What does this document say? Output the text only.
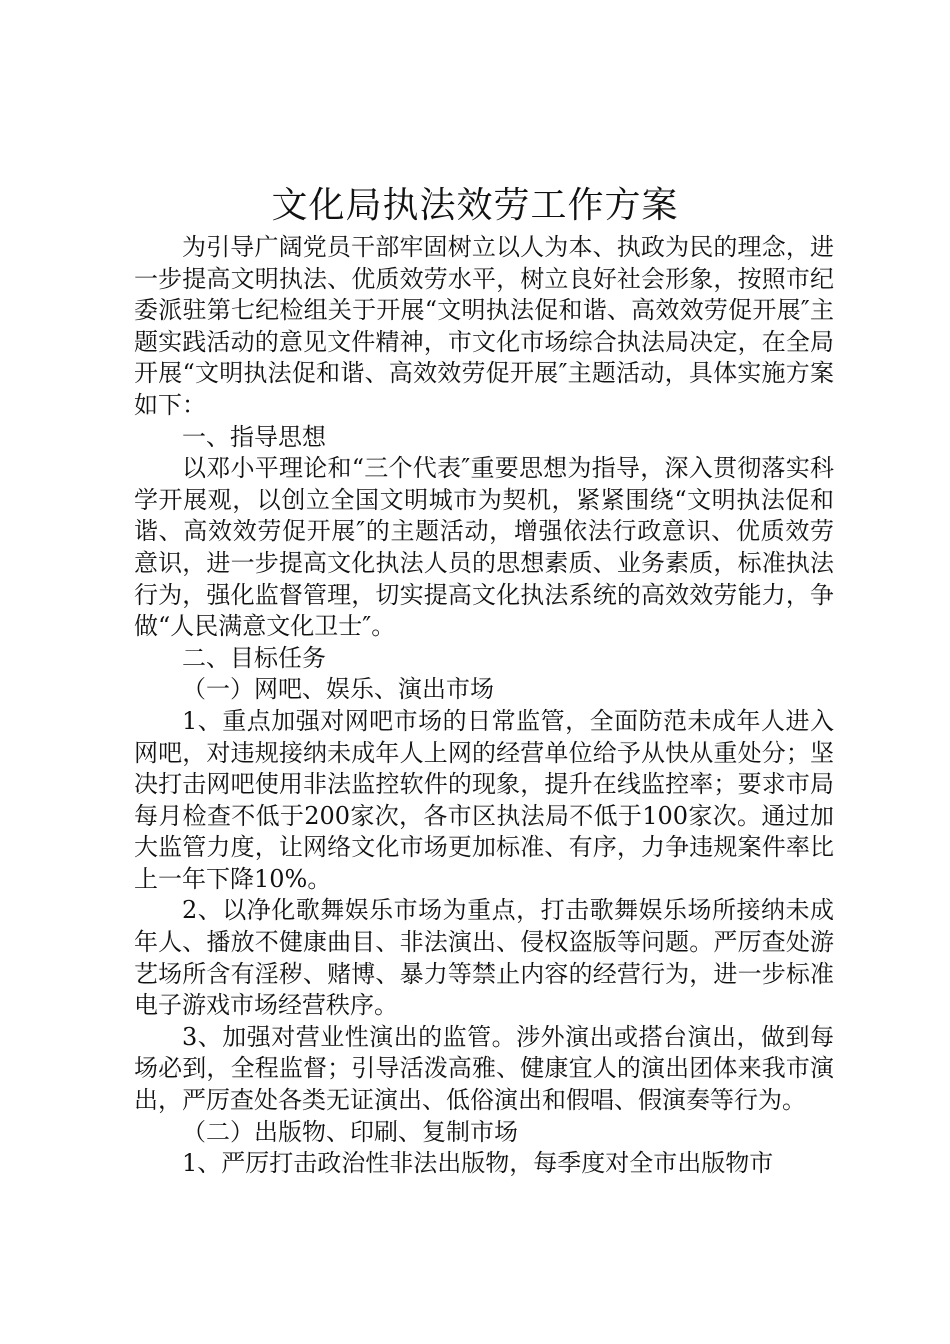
文化局执法效劳工作方案

为引导广阔党员干部牢固树立以人为本、执政为民的理念，进一步提高文明执法、优质效劳水平，树立良好社会形象，按照市纪委派驻第七纪检组关于开展“文明执法促和谐、高效效劳促开展″主题实践活动的意见文件精神，市文化市场综合执法局决定，在全局开展“文明执法促和谐、高效效劳促开展″主题活动，具体实施方案如下：

一、指导思想

以邓小平理论和“三个代表″重要思想为指导，深入贯彻落实科学开展观，以创立全国文明城市为契机，紧紧围绕“文明执法促和谐、高效效劳促开展″的主题活动，增强依法行政意识、优质效劳意识，进一步提高文化执法人员的思想素质、业务素质，标准执法行为，强化监督管理，切实提高文化执法系统的高效效劳能力，争做“人民满意文化卫士″。

二、目标任务

（一）网吧、娱乐、演出市场

1、重点加强对网吧市场的日常监管，全面防范未成年人进入网吧，对违规接纳未成年人上网的经营单位给予从快从重处分；坚决打击网吧使用非法监控软件的现象，提升在线监控率；要求市局每月检查不低于200家次，各市区执法局不低于100家次。通过加大监管力度，让网络文化市场更加标准、有序，力争违规案件率比上一年下降10%。

2、以净化歌舞娱乐市场为重点，打击歌舞娱乐场所接纳未成年人、播放不健康曲目、非法演出、侵权盗版等问题。严厉查处游艺场所含有淫秽、赌博、暴力等禁止内容的经营行为，进一步标准电子游戏市场经营秩序。

3、加强对营业性演出的监管。涉外演出或搭台演出，做到每场必到，全程监督；引导活泼高雅、健康宜人的演出团体来我市演出，严厉查处各类无证演出、低俗演出和假唱、假演奏等行为。

（二）出版物、印刷、复制市场

1、严厉打击政治性非法出版物，每季度对全市出版物市
